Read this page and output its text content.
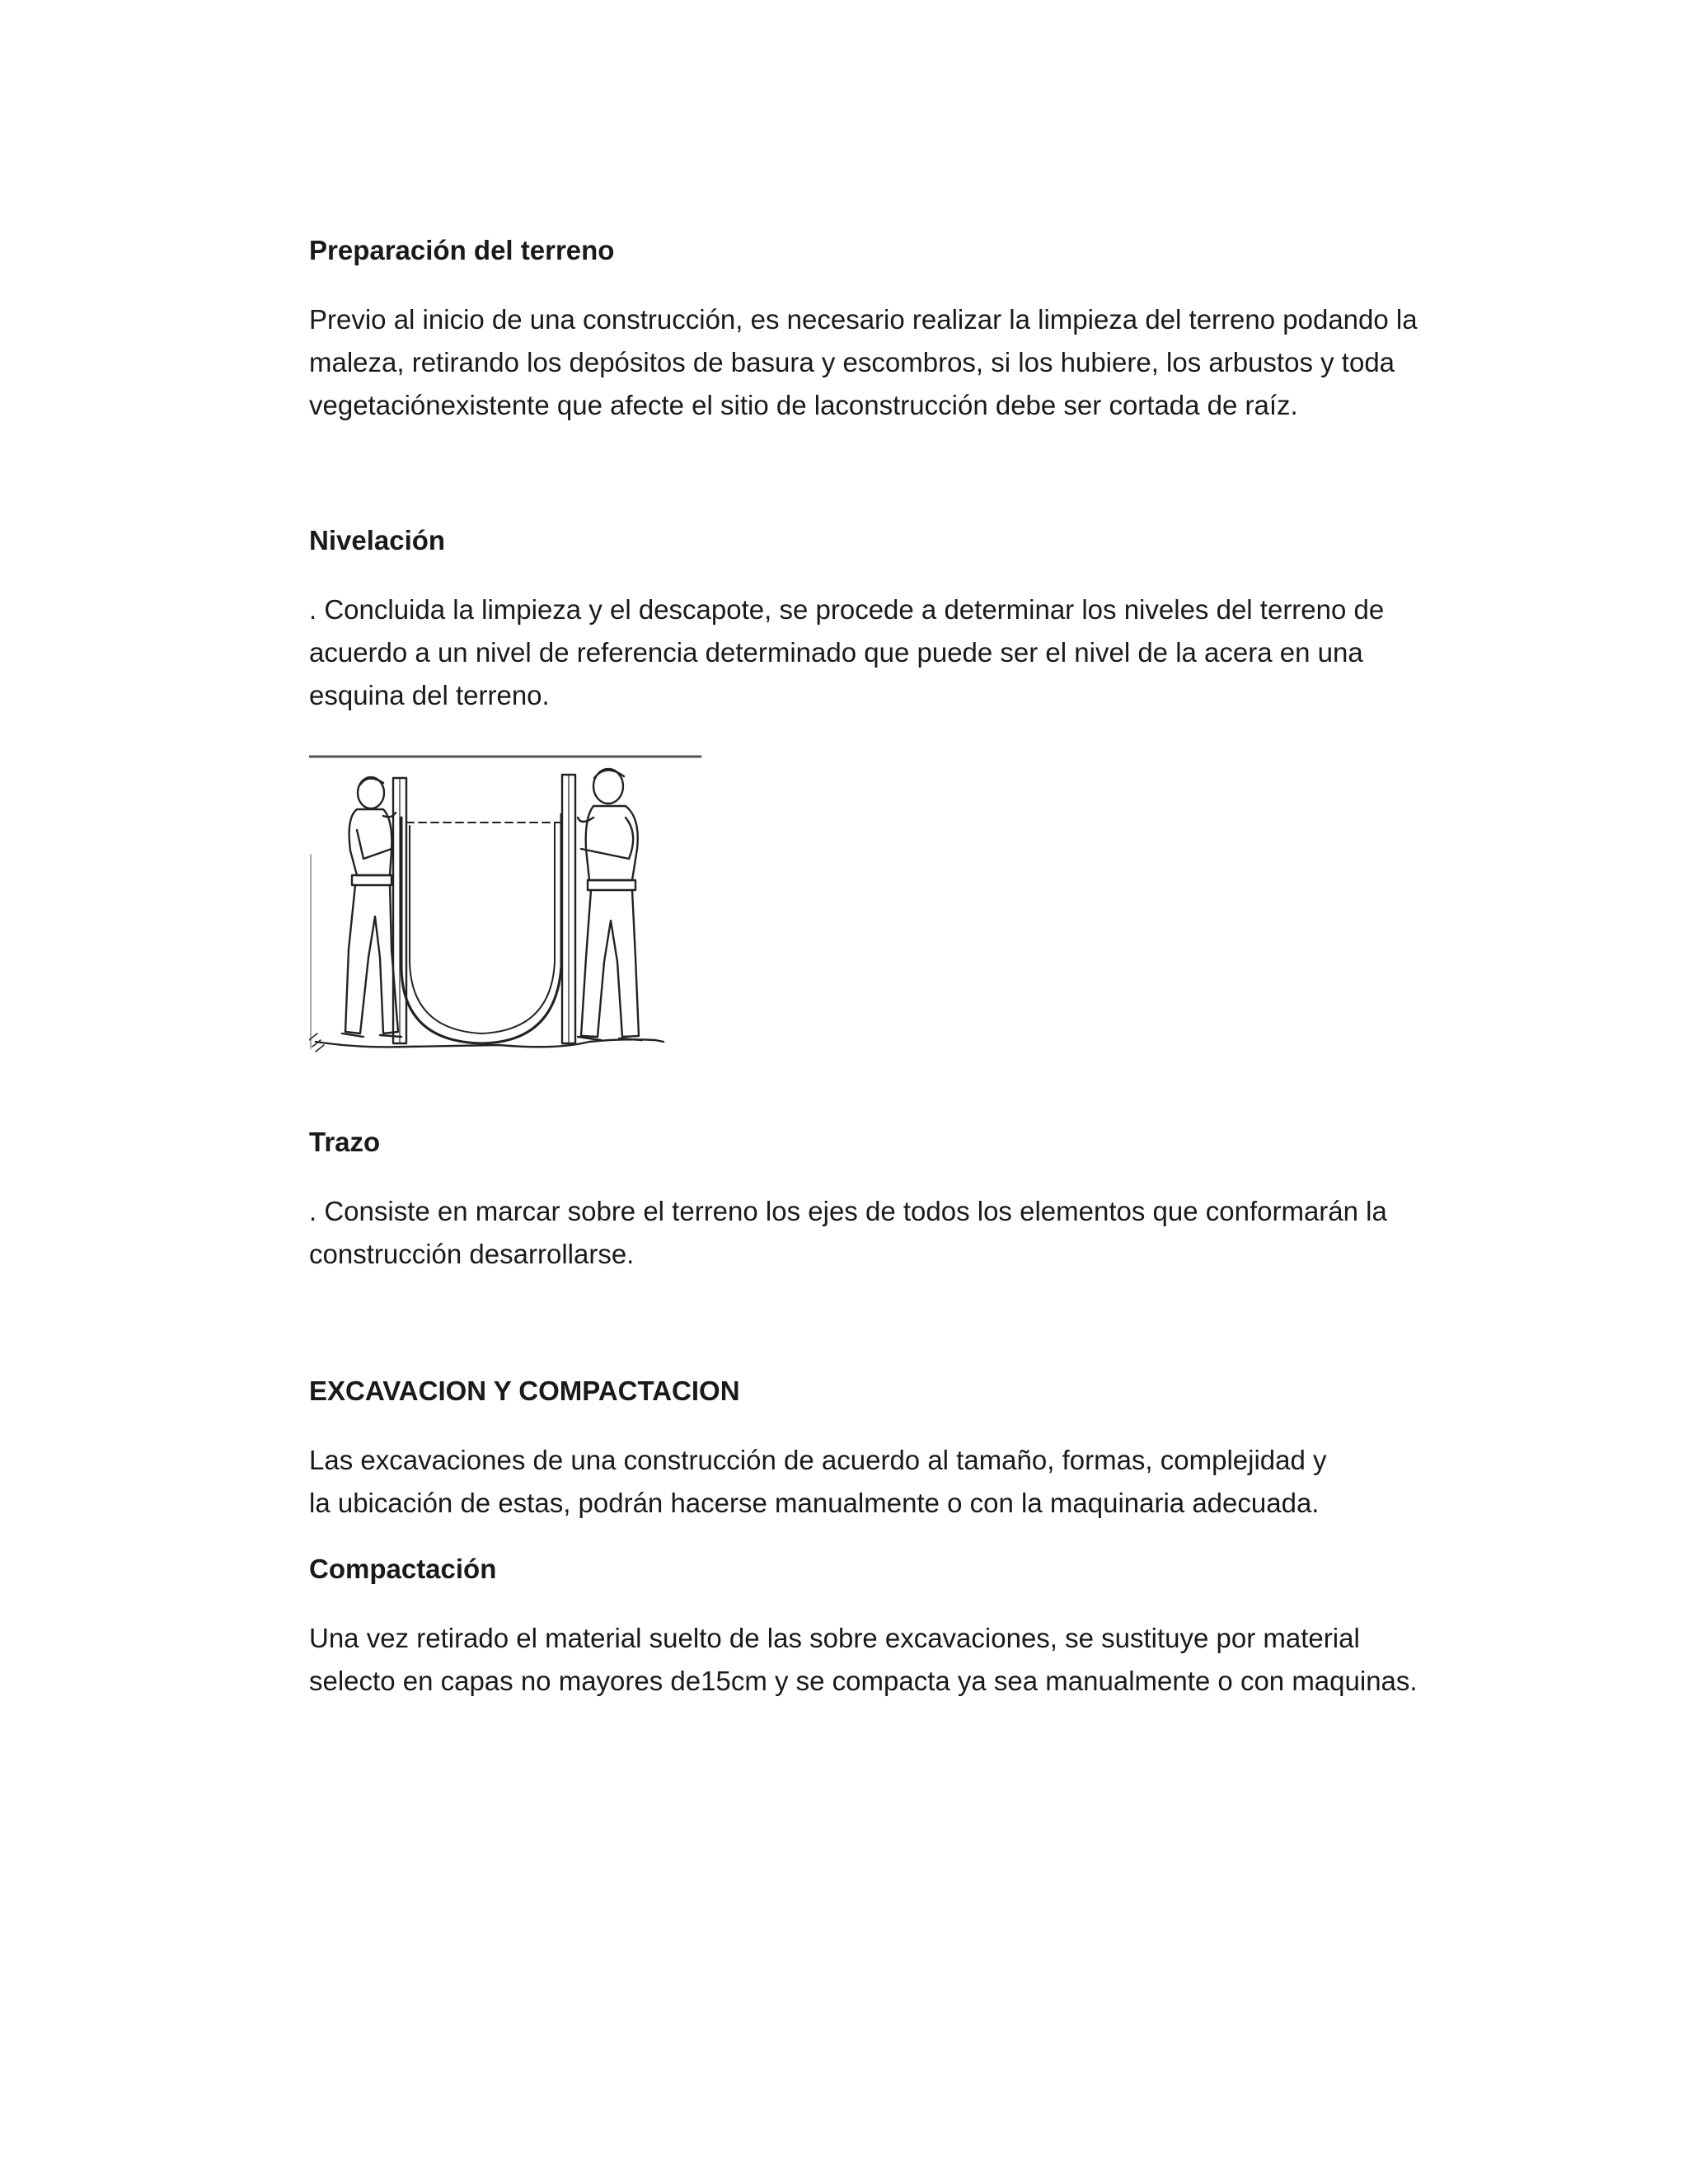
Preparación del terreno
Previo al inicio de una construcción, es necesario realizar la limpieza del terreno podando la
maleza, retirando los depósitos de basura y escombros, si los hubiere, los arbustos y toda
vegetaciónexistente que afecte el sitio de laconstrucción debe ser cortada de raíz.
Nivelación
. Concluida la limpieza y el descapote, se procede a determinar los niveles del terreno de
acuerdo a un nivel de referencia determinado que puede ser el nivel de la acera en una
esquina del terreno.
Trazo
. Consiste en marcar sobre el terreno los ejes de todos los elementos que conformarán la
construcción desarrollarse.
EXCAVACION Y COMPACTACION
Las excavaciones de una construcción de acuerdo al tamaño, formas, complejidad y
la ubicación de estas, podrán hacerse manualmente o con la maquinaria adecuada.
Compactación
Una vez retirado el material suelto de las sobre excavaciones, se sustituye por material
selecto en capas no mayores de15cm y se compacta ya sea manualmente o con maquinas.
